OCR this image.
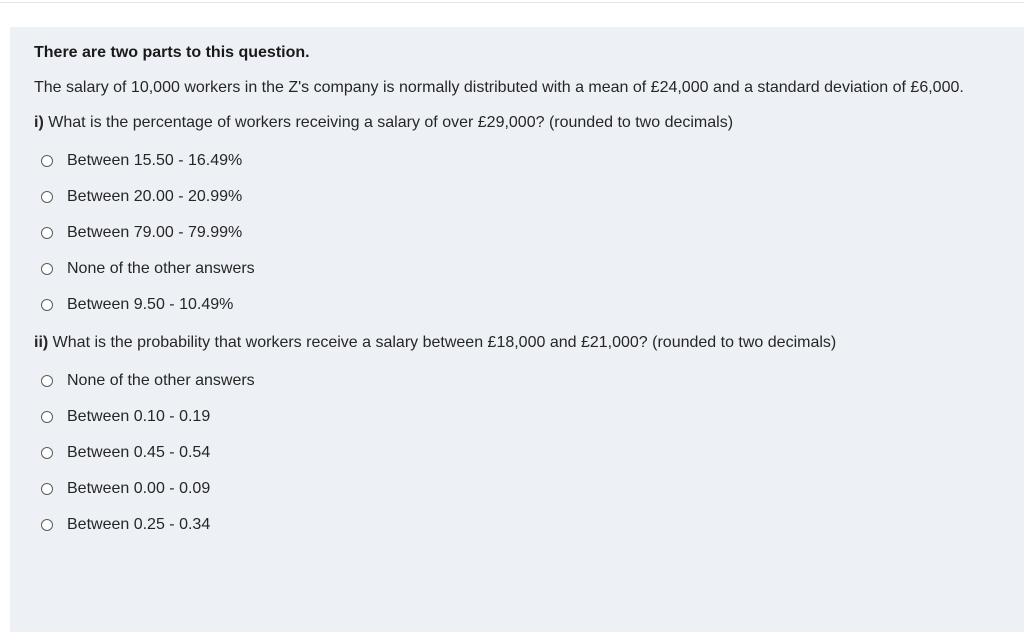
There are two parts to this question.

The salary of 10,000 workers in the Z's company is normally distributed with a mean of £24,000 and a standard deviation of £6,000.

i) What is the percentage of workers receiving a salary of over £29,000? (rounded to two decimals)

Between 15.50 - 16.49%
Between 20.00 - 20.99%
Between 79.00 - 79.99%
None of the other answers
Between 9.50 - 10.49%

ii) What is the probability that workers receive a salary between £18,000 and £21,000? (rounded to two decimals)

None of the other answers
Between 0.10 - 0.19
Between 0.45 - 0.54
Between 0.00 - 0.09
Between 0.25 - 0.34
